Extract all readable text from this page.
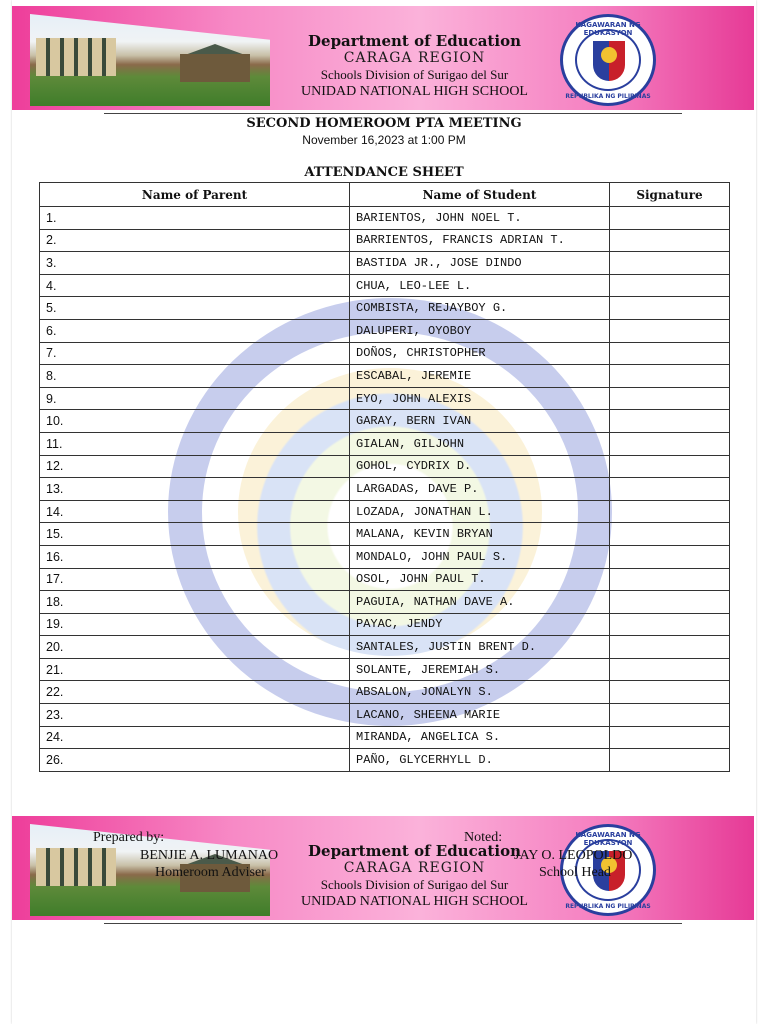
Department of Education
CARAGA REGION
Schools Division of Surigao del Sur
UNIDAD NATIONAL HIGH SCHOOL
KAGAWARAN NG EDUKASYON
REPUBLIKA NG PILIPINAS
SECOND HOMEROOM PTA MEETING
November 16,2023 at 1:00 PM
ATTENDANCE SHEET
Name of Parent	Name of Student	Signature
1.	BARIENTOS, JOHN NOEL T.	
2.	BARRIENTOS, FRANCIS ADRIAN T.	
3.	BASTIDA JR., JOSE DINDO	
4.	CHUA, LEO-LEE L.	
5.	COMBISTA, REJAYBOY G.	
6.	DALUPERI, OYOBOY	
7.	DOÑOS, CHRISTOPHER	
8.	ESCABAL, JEREMIE	
9.	EYO, JOHN ALEXIS	
10.	GARAY, BERN IVAN	
11.	GIALAN, GILJOHN	
12.	GOHOL, CYDRIX D.	
13.	LARGADAS, DAVE P.	
14.	LOZADA, JONATHAN L.	
15.	MALANA, KEVIN BRYAN	
16.	MONDALO, JOHN PAUL S.	
17.	OSOL, JOHN PAUL T.	
18.	PAGUIA, NATHAN DAVE A.	
19.	PAYAC, JENDY	
20.	SANTALES, JUSTIN BRENT D.	
21.	SOLANTE, JEREMIAH S.	
22.	ABSALON, JONALYN S.	
23.	LACANO, SHEENA MARIE	
24.	MIRANDA, ANGELICA S.	
26.	PAÑO, GLYCERHYLL D.	
Department of Education
CARAGA REGION
Schools Division of Surigao del Sur
UNIDAD NATIONAL HIGH SCHOOL
KAGAWARAN NG EDUKASYON
REPUBLIKA NG PILIPINAS
Prepared by:
BENJIE A. LUMANAO
Homeroom Adviser
Noted:
JAY O. LEOPOLDO
School Head
